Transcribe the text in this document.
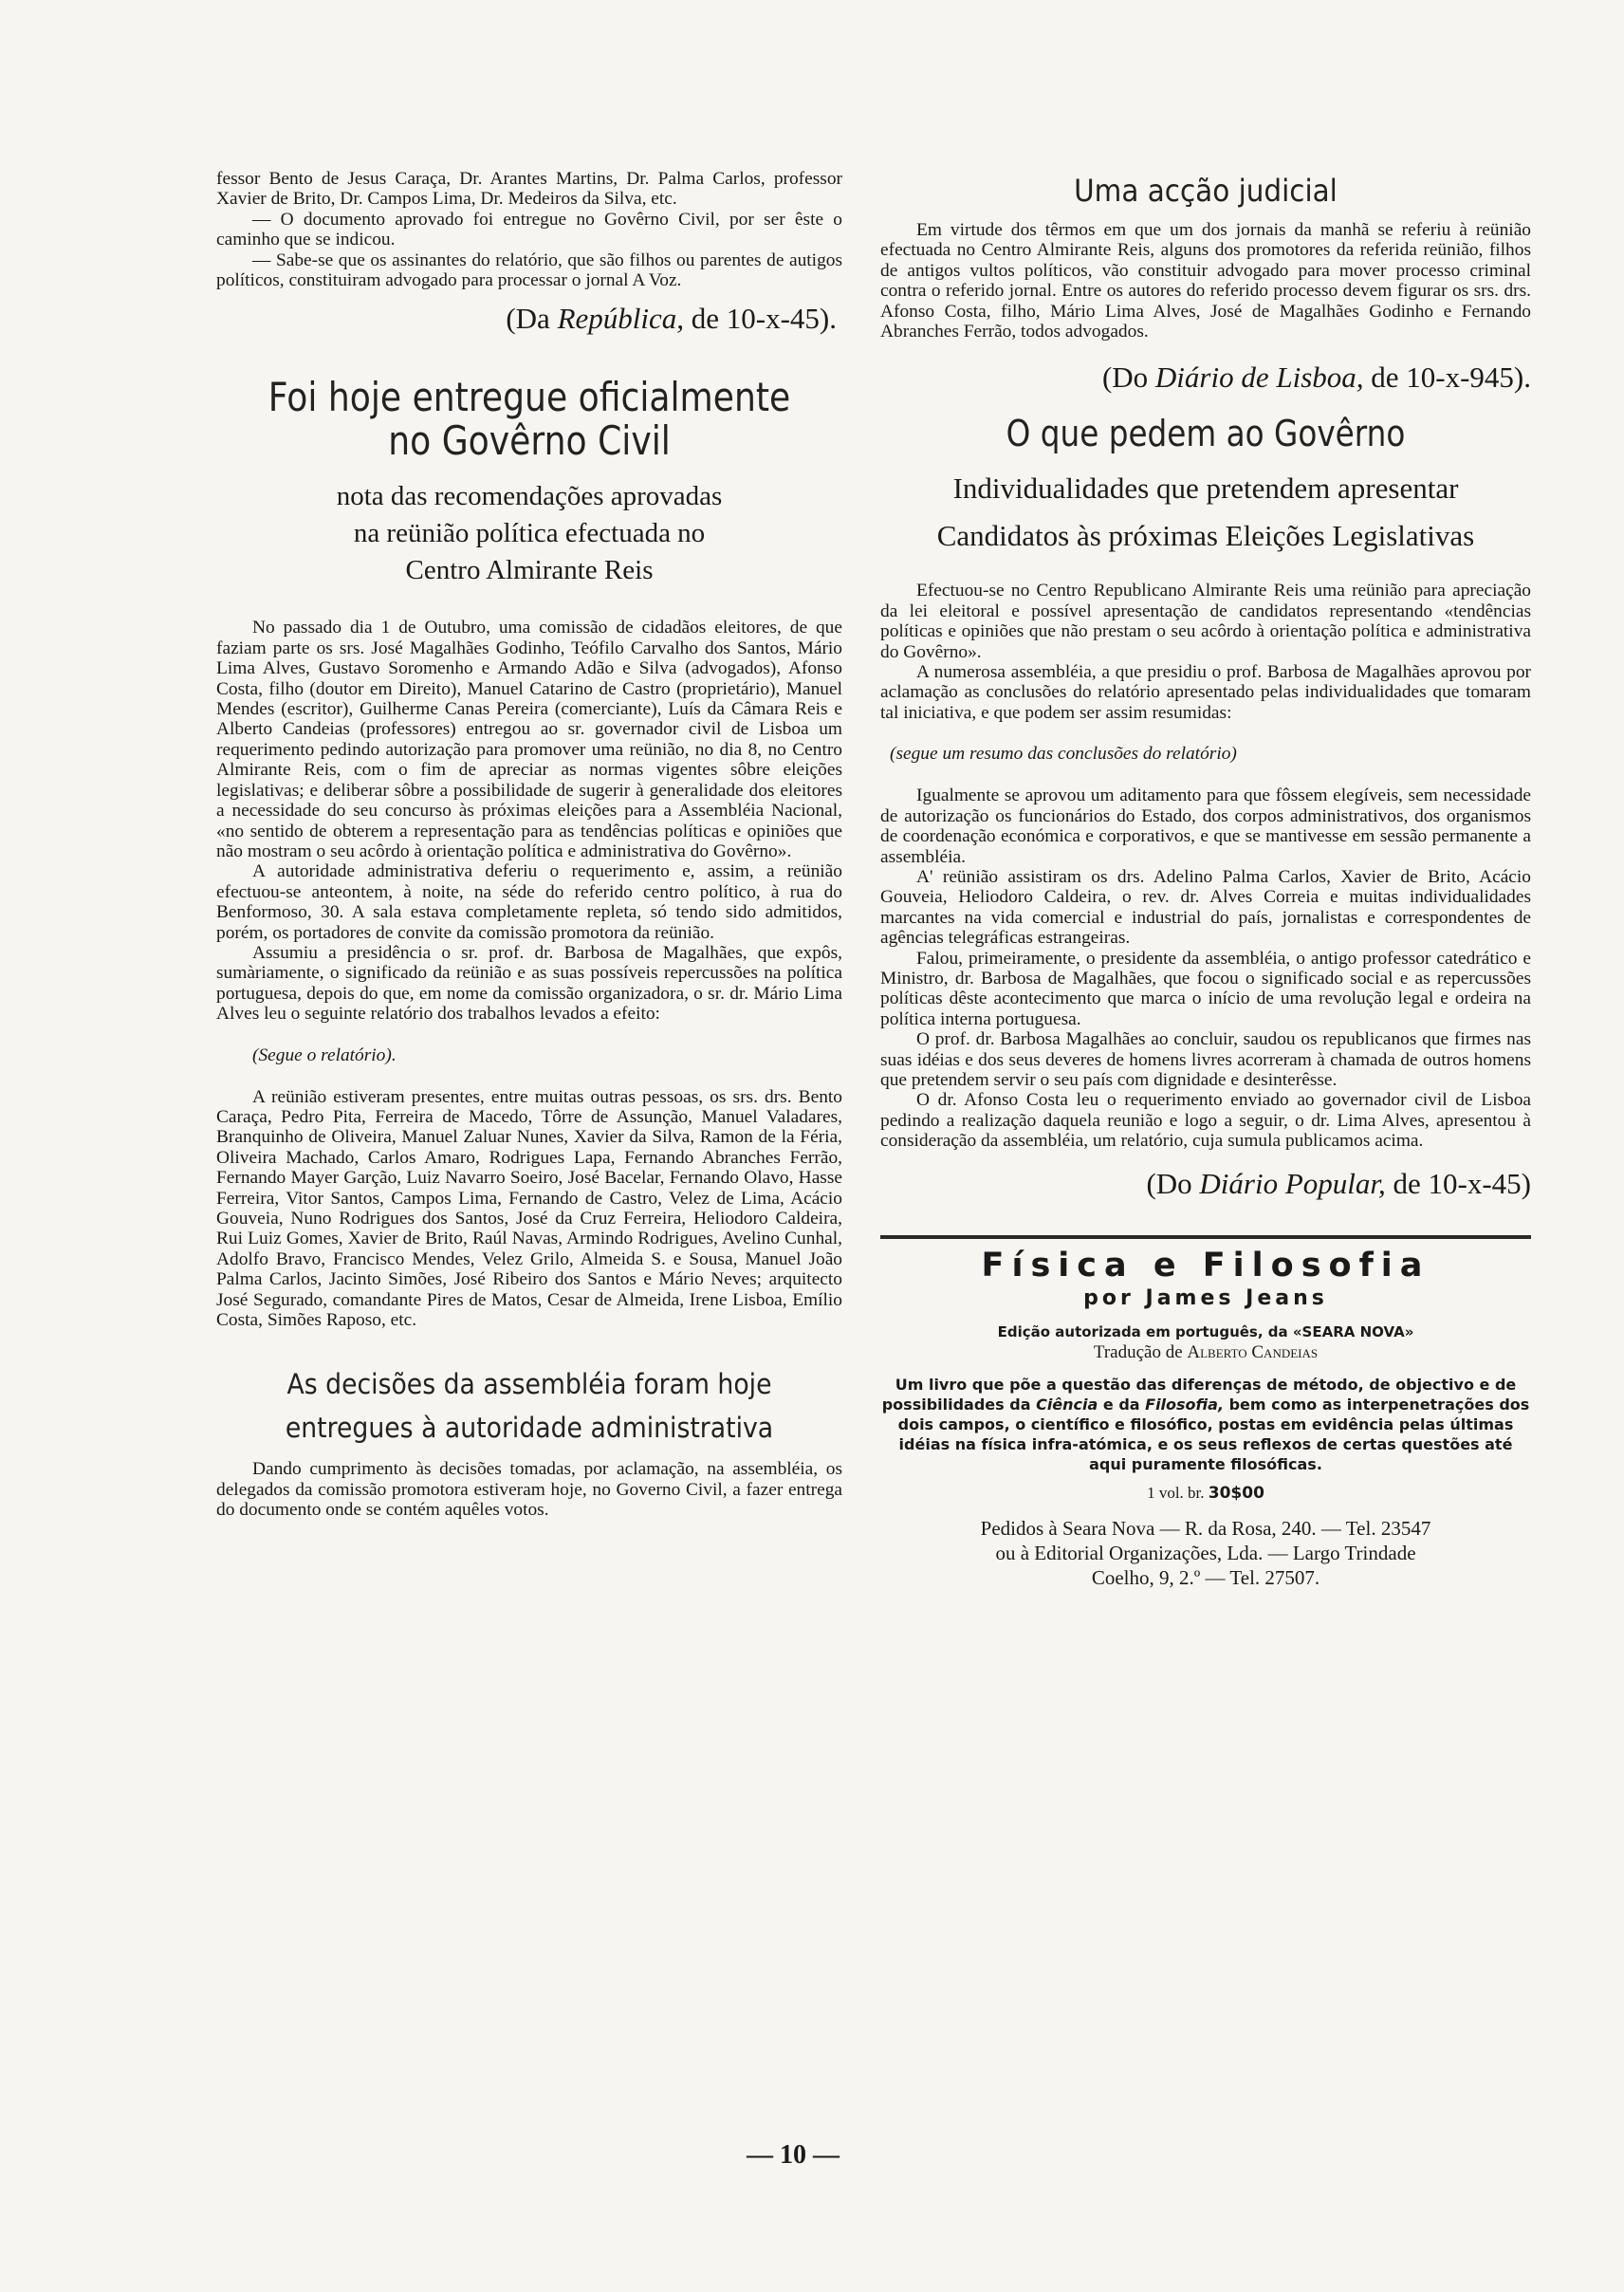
fessor Bento de Jesus Caraça, Dr. Arantes Martins, Dr. Palma Carlos, professor Xavier de Brito, Dr. Campos Lima, Dr. Medeiros da Silva, etc.

— O documento aprovado foi entregue no Govêrno Civil, por ser êste o caminho que se indicou.

— Sabe-se que os assinantes do relatório, que são filhos ou parentes de autigos políticos, constituiram advogado para processar o jornal A Voz.

(Da República, de 10-x-45).

Foi hoje entregue oficialmente
no Govêrno Civil
nota das recomendações aprovadas
na reünião política efectuada no
Centro Almirante Reis

No passado dia 1 de Outubro, uma comissão de cidadãos eleitores, de que faziam parte os srs. José Magalhães Godinho, Teófilo Carvalho dos Santos, Mário Lima Alves, Gustavo Soromenho e Armando Adão e Silva (advogados), Afonso Costa, filho (doutor em Direito), Manuel Catarino de Castro (proprietário), Manuel Mendes (escritor), Guilherme Canas Pereira (comerciante), Luís da Câmara Reis e Alberto Candeias (professores) entregou ao sr. governador civil de Lisboa um requerimento pedindo autorização para promover uma reünião, no dia 8, no Centro Almirante Reis, com o fim de apreciar as normas vigentes sôbre eleições legislativas; e deliberar sôbre a possibilidade de sugerir à generalidade dos eleitores a necessidade do seu concurso às próximas eleições para a Assembléia Nacional, «no sentido de obterem a representação para as tendências políticas e opiniões que não mostram o seu acôrdo à orientação política e administrativa do Govêrno».

A autoridade administrativa deferiu o requerimento e, assim, a reünião efectuou-se anteontem, à noite, na séde do referido centro político, à rua do Benformoso, 30. A sala estava completamente repleta, só tendo sido admitidos, porém, os portadores de convite da comissão promotora da reünião.

Assumiu a presidência o sr. prof. dr. Barbosa de Magalhães, que expôs, sumàriamente, o significado da reünião e as suas possíveis repercussões na política portuguesa, depois do que, em nome da comissão organizadora, o sr. dr. Mário Lima Alves leu o seguinte relatório dos trabalhos levados a efeito:

(Segue o relatório).

A reünião estiveram presentes, entre muitas outras pessoas, os srs. drs. Bento Caraça, Pedro Pita, Ferreira de Macedo, Tôrre de Assunção, Manuel Valadares, Branquinho de Oliveira, Manuel Zaluar Nunes, Xavier da Silva, Ramon de la Féria, Oliveira Machado, Carlos Amaro, Rodrigues Lapa, Fernando Abranches Ferrão, Fernando Mayer Garção, Luiz Navarro Soeiro, José Bacelar, Fernando Olavo, Hasse Ferreira, Vitor Santos, Campos Lima, Fernando de Castro, Velez de Lima, Acácio Gouveia, Nuno Rodrigues dos Santos, José da Cruz Ferreira, Heliodoro Caldeira, Rui Luiz Gomes, Xavier de Brito, Raúl Navas, Armindo Rodrigues, Avelino Cunhal, Adolfo Bravo, Francisco Mendes, Velez Grilo, Almeida S. e Sousa, Manuel João Palma Carlos, Jacinto Simões, José Ribeiro dos Santos e Mário Neves; arquitecto José Segurado, comandante Pires de Matos, Cesar de Almeida, Irene Lisboa, Emílio Costa, Simões Raposo, etc.

As decisões da assembléia foram hoje
entregues à autoridade administrativa

Dando cumprimento às decisões tomadas, por aclamação, na assembléia, os delegados da comissão promotora estiveram hoje, no Governo Civil, a fazer entrega do documento onde se contém aquêles votos.

Uma acção judicial

Em virtude dos têrmos em que um dos jornais da manhã se referiu à reünião efectuada no Centro Almirante Reis, alguns dos promotores da referida reünião, filhos de antigos vultos políticos, vão constituir advogado para mover processo criminal contra o referido jornal. Entre os autores do referido processo devem figurar os srs. drs. Afonso Costa, filho, Mário Lima Alves, José de Magalhães Godinho e Fernando Abranches Ferrão, todos advogados.

(Do Diário de Lisboa, de 10-x-945).

O que pedem ao Govêrno
Individualidades que pretendem apresentar
Candidatos às próximas Eleições Legislativas

Efectuou-se no Centro Republicano Almirante Reis uma reünião para apreciação da lei eleitoral e possível apresentação de candidatos representando «tendências políticas e opiniões que não prestam o seu acôrdo à orientação política e administrativa do Govêrno».

A numerosa assembléia, a que presidiu o prof. Barbosa de Magalhães aprovou por aclamação as conclusões do relatório apresentado pelas individualidades que tomaram tal iniciativa, e que podem ser assim resumidas:

(segue um resumo das conclusões do relatório)

Igualmente se aprovou um aditamento para que fôssem elegíveis, sem necessidade de autorização os funcionários do Estado, dos corpos administrativos, dos organismos de coordenação económica e corporativos, e que se mantivesse em sessão permanente a assembléia.

A' reünião assistiram os drs. Adelino Palma Carlos, Xavier de Brito, Acácio Gouveia, Heliodoro Caldeira, o rev. dr. Alves Correia e muitas individualidades marcantes na vida comercial e industrial do país, jornalistas e correspondentes de agências telegráficas estrangeiras.

Falou, primeiramente, o presidente da assembléia, o antigo professor catedrático e Ministro, dr. Barbosa de Magalhães, que focou o significado social e as repercussões políticas dêste acontecimento que marca o início de uma revolução legal e ordeira na política interna portuguesa.

O prof. dr. Barbosa Magalhães ao concluir, saudou os republicanos que firmes nas suas idéias e dos seus deveres de homens livres acorreram à chamada de outros homens que pretendem servir o seu país com dignidade e desinterêsse.

O dr. Afonso Costa leu o requerimento enviado ao governador civil de Lisboa pedindo a realização daquela reunião e logo a seguir, o dr. Lima Alves, apresentou à consideração da assembléia, um relatório, cuja sumula publicamos acima.

(Do Diário Popular, de 10-x-45)

Física e Filosofia
por James Jeans
Edição autorizada em português, da «SEARA NOVA»
Tradução de Alberto Candeias

Um livro que põe a questão das diferenças de método, de objectivo e de possibilidades da Ciência e da Filosofia, bem como as interpenetrações dos dois campos, o científico e filosófico, postas em evidência pelas últimas idéias na física infra-atómica, e os seus reflexos de certas questões até aqui puramente filosóficas.

1 vol. br. 30$00

Pedidos à Seara Nova — R. da Rosa, 240. — Tel. 23547
ou à Editorial Organizações, Lda. — Largo Trindade
Coelho, 9, 2.º — Tel. 27507.

— 10 —
